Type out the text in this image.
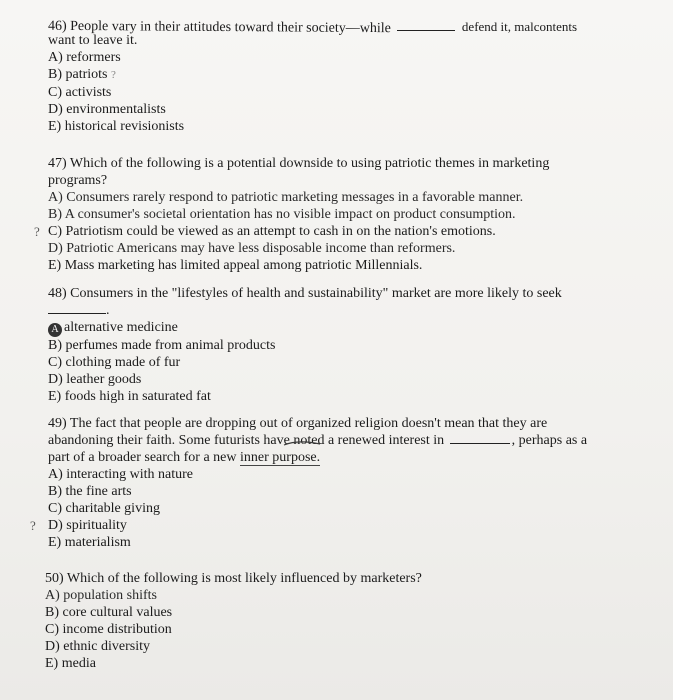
46) People vary in their attitudes toward their society—while	defend it, malcontents
want to leave it.
A) reformers
B) patriots ?
C) activists
D) environmentalists
E) historical revisionists
47) Which of the following is a potential downside to using patriotic themes in marketing
programs?
A) Consumers rarely respond to patriotic marketing messages in a favorable manner.
B) A consumer's societal orientation has no visible impact on product consumption.
? C) Patriotism could be viewed as an attempt to cash in on the nation's emotions.
D) Patriotic Americans may have less disposable income than reformers.
E) Mass marketing has limited appeal among patriotic Millennials.
48) Consumers in the "lifestyles of health and sustainability" market are more likely to seek
.
A alternative medicine
B) perfumes made from animal products
C) clothing made of fur
D) leather goods
E) foods high in saturated fat
49) The fact that people are dropping out of organized religion doesn't mean that they are
abandoning their faith. Some futurists have noted a renewed interest in	, perhaps as a
part of a broader search for a new inner purpose.
A) interacting with nature
B) the fine arts
C) charitable giving
? D) spirituality
E) materialism
50) Which of the following is most likely influenced by marketers?
A) population shifts
B) core cultural values
C) income distribution
D) ethnic diversity
E) media
